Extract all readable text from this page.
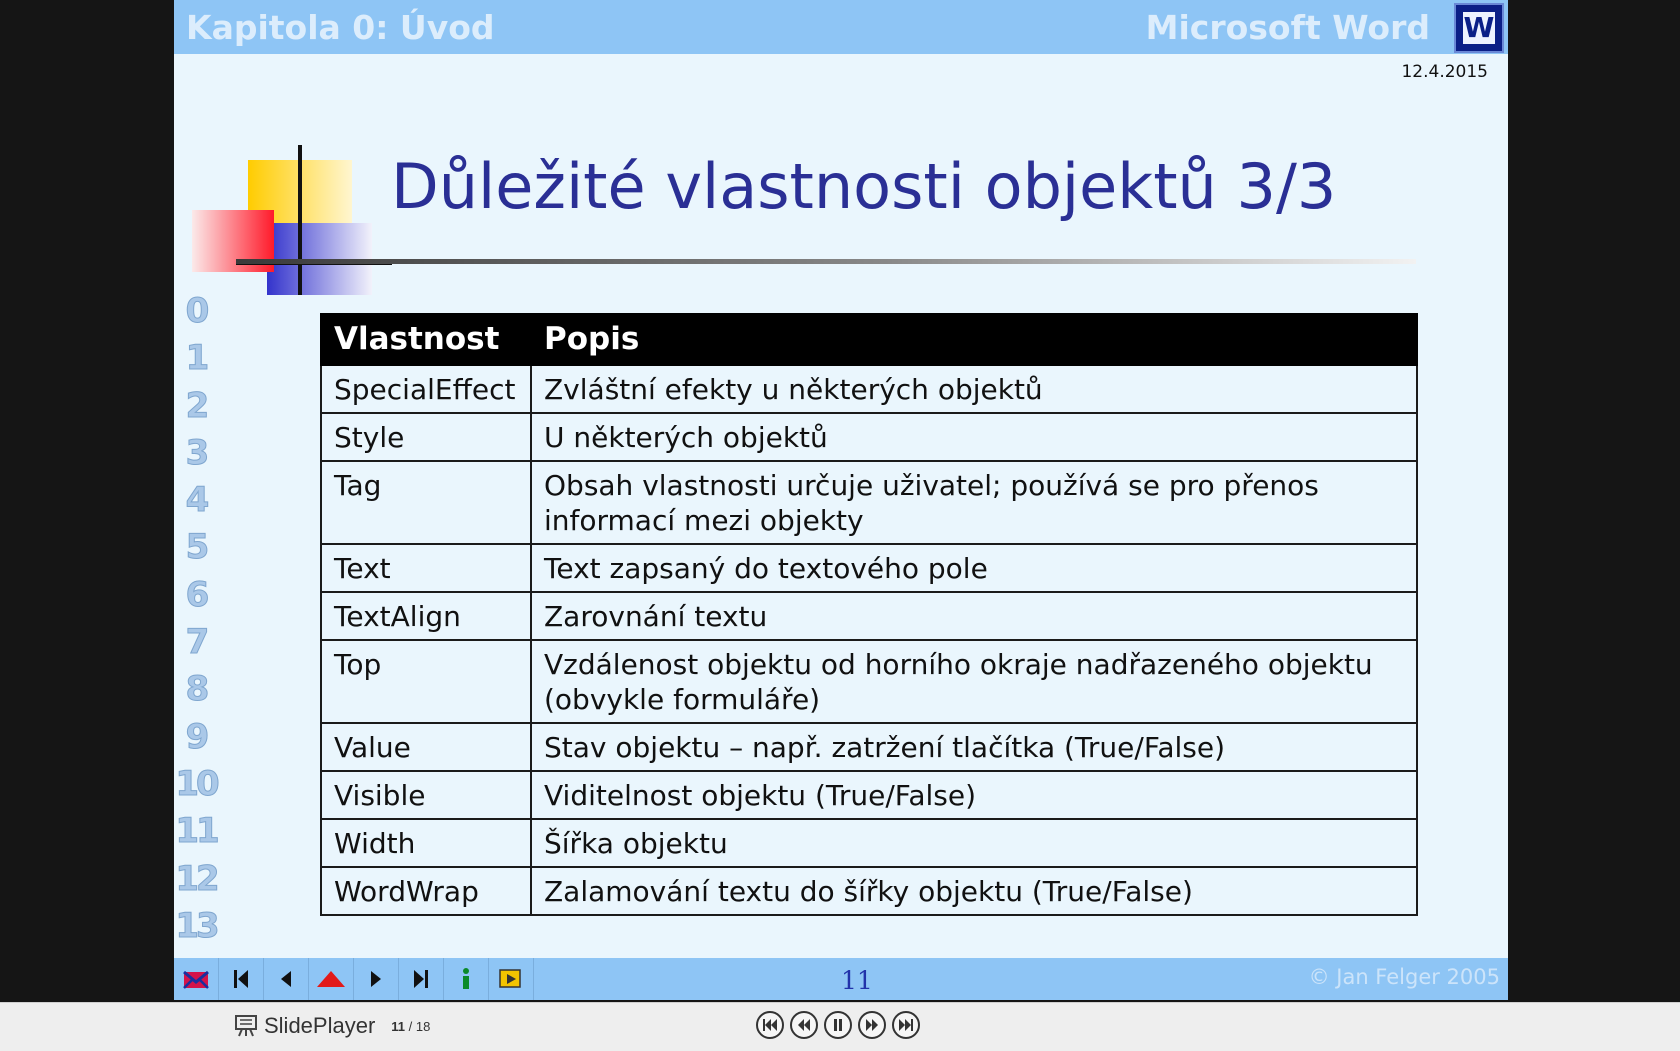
Kapitola 0: Úvod	Microsoft Word W
12.4.2015
Důležité vlastnosti objektů 3/3
0
1
2
3
4
5
6
7
8
9
10
11
12
13
Vlastnost	Popis
SpecialEffect	Zvláštní efekty u některých objektů
Style	U některých objektů
Tag	Obsah vlastnosti určuje uživatel; používá se pro přenos informací mezi objekty
Text	Text zapsaný do textového pole
TextAlign	Zarovnání textu
Top	Vzdálenost objektu od horního okraje nadřazeného objektu (obvykle formuláře)
Value	Stav objektu – např. zatržení tlačítka (True/False)
Visible	Viditelnost objektu (True/False)
Width	Šířka objektu
WordWrap	Zalamování textu do šířky objektu (True/False)
11	© Jan Felger 2005
SlidePlayer 11 / 18
